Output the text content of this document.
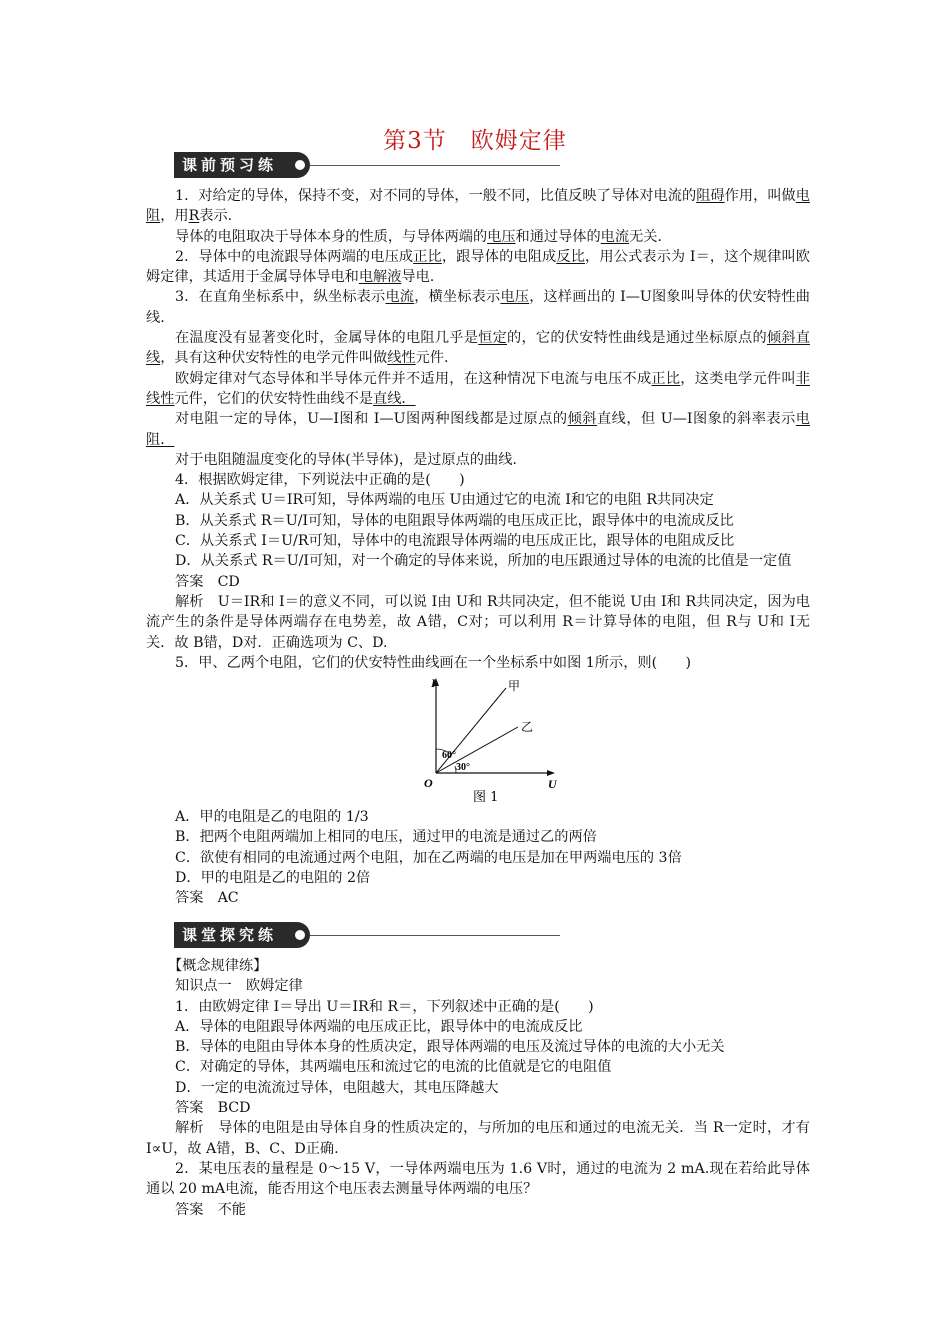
第3节　欧姆定律
课前预习练

1．对给定的导体，保持不变，对不同的导体，一般不同，比值反映了导体对电流的阻碍作用，叫做电阻，用R表示.

导体的电阻取决于导体本身的性质，与导体两端的电压和通过导体的电流无关.

2．导体中的电流跟导体两端的电压成正比，跟导体的电阻成反比，用公式表示为 I＝，这个规律叫欧姆定律，其适用于金属导体导电和电解液导电.

3．在直角坐标系中，纵坐标表示电流，横坐标表示电压，这样画出的 I—U图象叫导体的伏安特性曲线.

在温度没有显著变化时，金属导体的电阻几乎是恒定的，它的伏安特性曲线是通过坐标原点的倾斜直线，具有这种伏安特性的电学元件叫做线性元件.

欧姆定律对气态导体和半导体元件并不适用，在这种情况下电流与电压不成正比，这类电学元件叫非线性元件，它们的伏安特性曲线不是直线．

对电阻一定的导体，U—I图和 I—U图两种图线都是过原点的倾斜直线，但 U—I图象的斜率表示电阻．

对于电阻随温度变化的导体(半导体)，是过原点的曲线.

4．根据欧姆定律，下列说法中正确的是(　　)

A．从关系式 U＝IR可知，导体两端的电压 U由通过它的电流 I和它的电阻 R共同决定

B．从关系式 R＝U/I可知，导体的电阻跟导体两端的电压成正比，跟导体中的电流成反比

C．从关系式 I＝U/R可知，导体中的电流跟导体两端的电压成正比，跟导体的电阻成反比

D．从关系式 R＝U/I可知，对一个确定的导体来说，所加的电压跟通过导体的电流的比值是一定值

答案　CD

解析　U＝IR和 I＝的意义不同，可以说 I由 U和 R共同决定，但不能说 U由 I和 R共同决定，因为电流产生的条件是导体两端存在电势差，故 A错，C对；可以利用 R＝计算导体的电阻，但 R与 U和 I无关．故 B错，D对．正确选项为 C、D.

5．甲、乙两个电阻，它们的伏安特性曲线画在一个坐标系中如图 1所示，则(　　)

I
U
O
甲
乙
60°
30°
图 1

A．甲的电阻是乙的电阻的 1/3

B．把两个电阻两端加上相同的电压，通过甲的电流是通过乙的两倍

C．欲使有相同的电流通过两个电阻，加在乙两端的电压是加在甲两端电压的 3倍

D．甲的电阻是乙的电阻的 2倍

答案　AC

课堂探究练

【概念规律练】

知识点一　欧姆定律

1．由欧姆定律 I＝导出 U＝IR和 R＝，下列叙述中正确的是(　　)

A．导体的电阻跟导体两端的电压成正比，跟导体中的电流成反比

B．导体的电阻由导体本身的性质决定，跟导体两端的电压及流过导体的电流的大小无关

C．对确定的导体，其两端电压和流过它的电流的比值就是它的电阻值

D．一定的电流流过导体，电阻越大，其电压降越大

答案　BCD

解析　导体的电阻是由导体自身的性质决定的，与所加的电压和通过的电流无关．当 R一定时，才有 I∝U，故 A错，B、C、D正确.

2．某电压表的量程是 0～15 V，一导体两端电压为 1.6 V时，通过的电流为 2 mA.现在若给此导体通以 20 mA电流，能否用这个电压表去测量导体两端的电压？

答案　不能
